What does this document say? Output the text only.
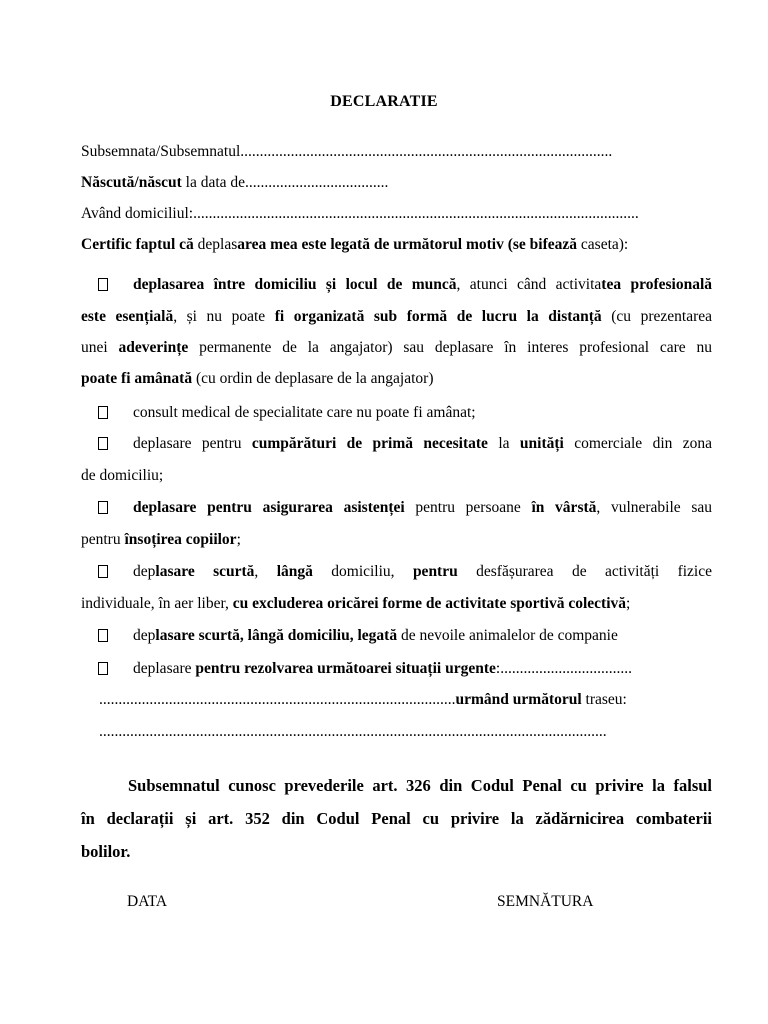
DECLARATIE
Subsemnata/Subsemnatul................................................................................................
Născută/născut la data de.....................................
Având domiciliul:...................................................................................................................
Certific faptul că deplasarea mea este legată de următorul motiv (se bifează caseta):
deplasarea între domiciliu și locul de muncă, atunci când activitatea profesională
este esențială, și nu poate fi organizată sub formă de lucru la distanță (cu prezentarea
unei adeverințe permanente de la angajator) sau deplasare în interes profesional care nu
poate fi amânată (cu ordin de deplasare de la angajator)
consult medical de specialitate care nu poate fi amânat;
deplasare pentru cumpărături de primă necesitate la unități comerciale din zona
de domiciliu;
deplasare pentru asigurarea asistenței pentru persoane în vârstă, vulnerabile sau
pentru însoțirea copiilor;
deplasare scurtă, lângă domiciliu, pentru desfășurarea de activități fizice
individuale, în aer liber, cu excluderea oricărei forme de activitate sportivă colectivă;
deplasare scurtă, lângă domiciliu, legată de nevoile animalelor de companie
deplasare pentru rezolvarea următoarei situații urgente:..................................
............................................................................................urmând următorul traseu:
...................................................................................................................................
Subsemnatul cunosc prevederile art. 326 din Codul Penal cu privire la falsul
în declarații și art. 352 din Codul Penal cu privire la zădărnicirea combaterii
bolilor.
DATA	SEMNĂTURA
